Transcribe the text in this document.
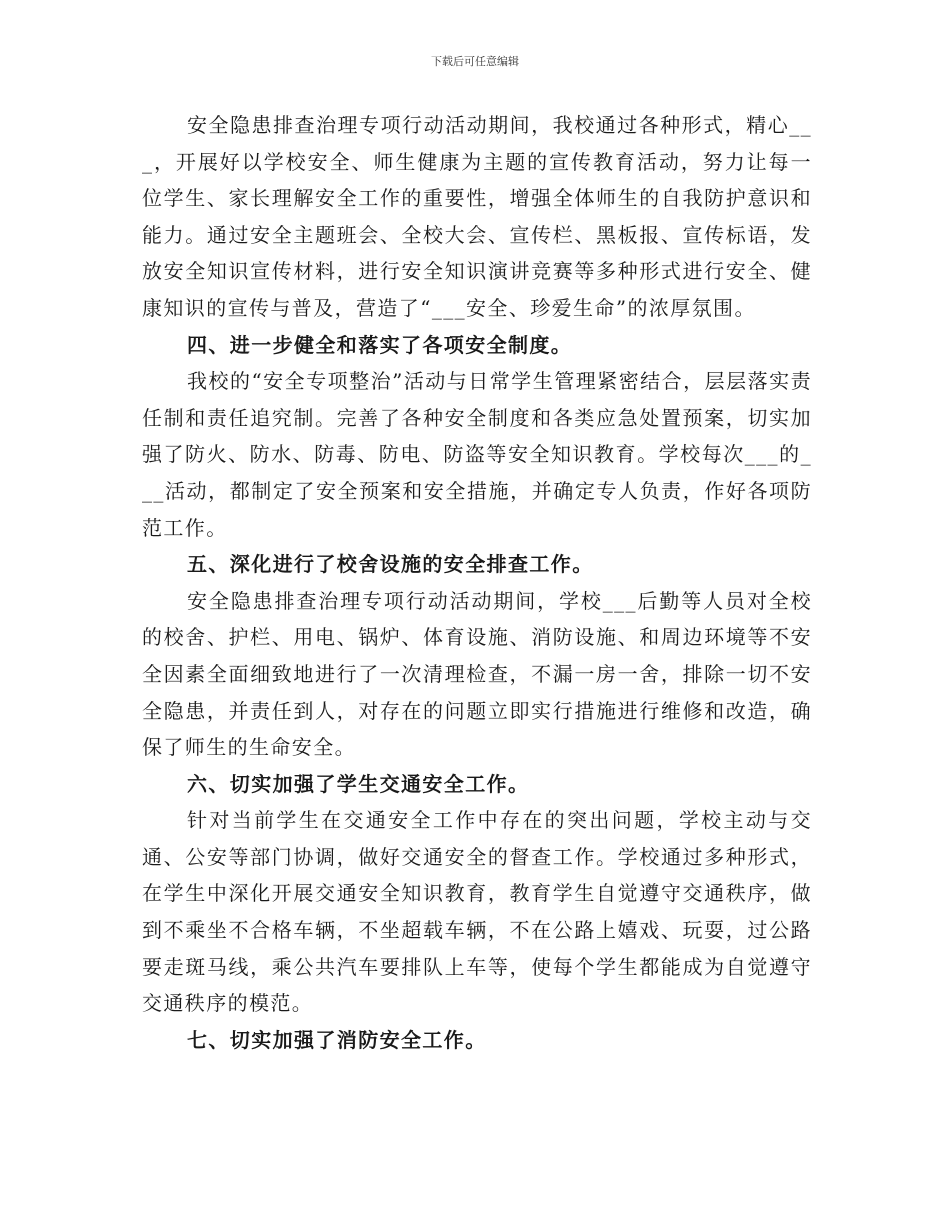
下载后可任意编辑

安全隐患排查治理专项行动活动期间，我校通过各种形式，精心___，开展好以学校安全、师生健康为主题的宣传教育活动，努力让每一位学生、家长理解安全工作的重要性，增强全体师生的自我防护意识和能力。通过安全主题班会、全校大会、宣传栏、黑板报、宣传标语，发放安全知识宣传材料，进行安全知识演讲竞赛等多种形式进行安全、健康知识的宣传与普及，营造了“___安全、珍爱生命”的浓厚氛围。

四、进一步健全和落实了各项安全制度。

我校的“安全专项整治”活动与日常学生管理紧密结合，层层落实责任制和责任追究制。完善了各种安全制度和各类应急处置预案，切实加强了防火、防水、防毒、防电、防盗等安全知识教育。学校每次___的___活动，都制定了安全预案和安全措施，并确定专人负责，作好各项防范工作。

五、深化进行了校舍设施的安全排查工作。

安全隐患排查治理专项行动活动期间，学校___后勤等人员对全校的校舍、护栏、用电、锅炉、体育设施、消防设施、和周边环境等不安全因素全面细致地进行了一次清理检查，不漏一房一舍，排除一切不安全隐患，并责任到人，对存在的问题立即实行措施进行维修和改造，确保了师生的生命安全。

六、切实加强了学生交通安全工作。

针对当前学生在交通安全工作中存在的突出问题，学校主动与交通、公安等部门协调，做好交通安全的督查工作。学校通过多种形式，在学生中深化开展交通安全知识教育，教育学生自觉遵守交通秩序，做到不乘坐不合格车辆，不坐超载车辆，不在公路上嬉戏、玩耍，过公路要走斑马线，乘公共汽车要排队上车等，使每个学生都能成为自觉遵守交通秩序的模范。

七、切实加强了消防安全工作。
